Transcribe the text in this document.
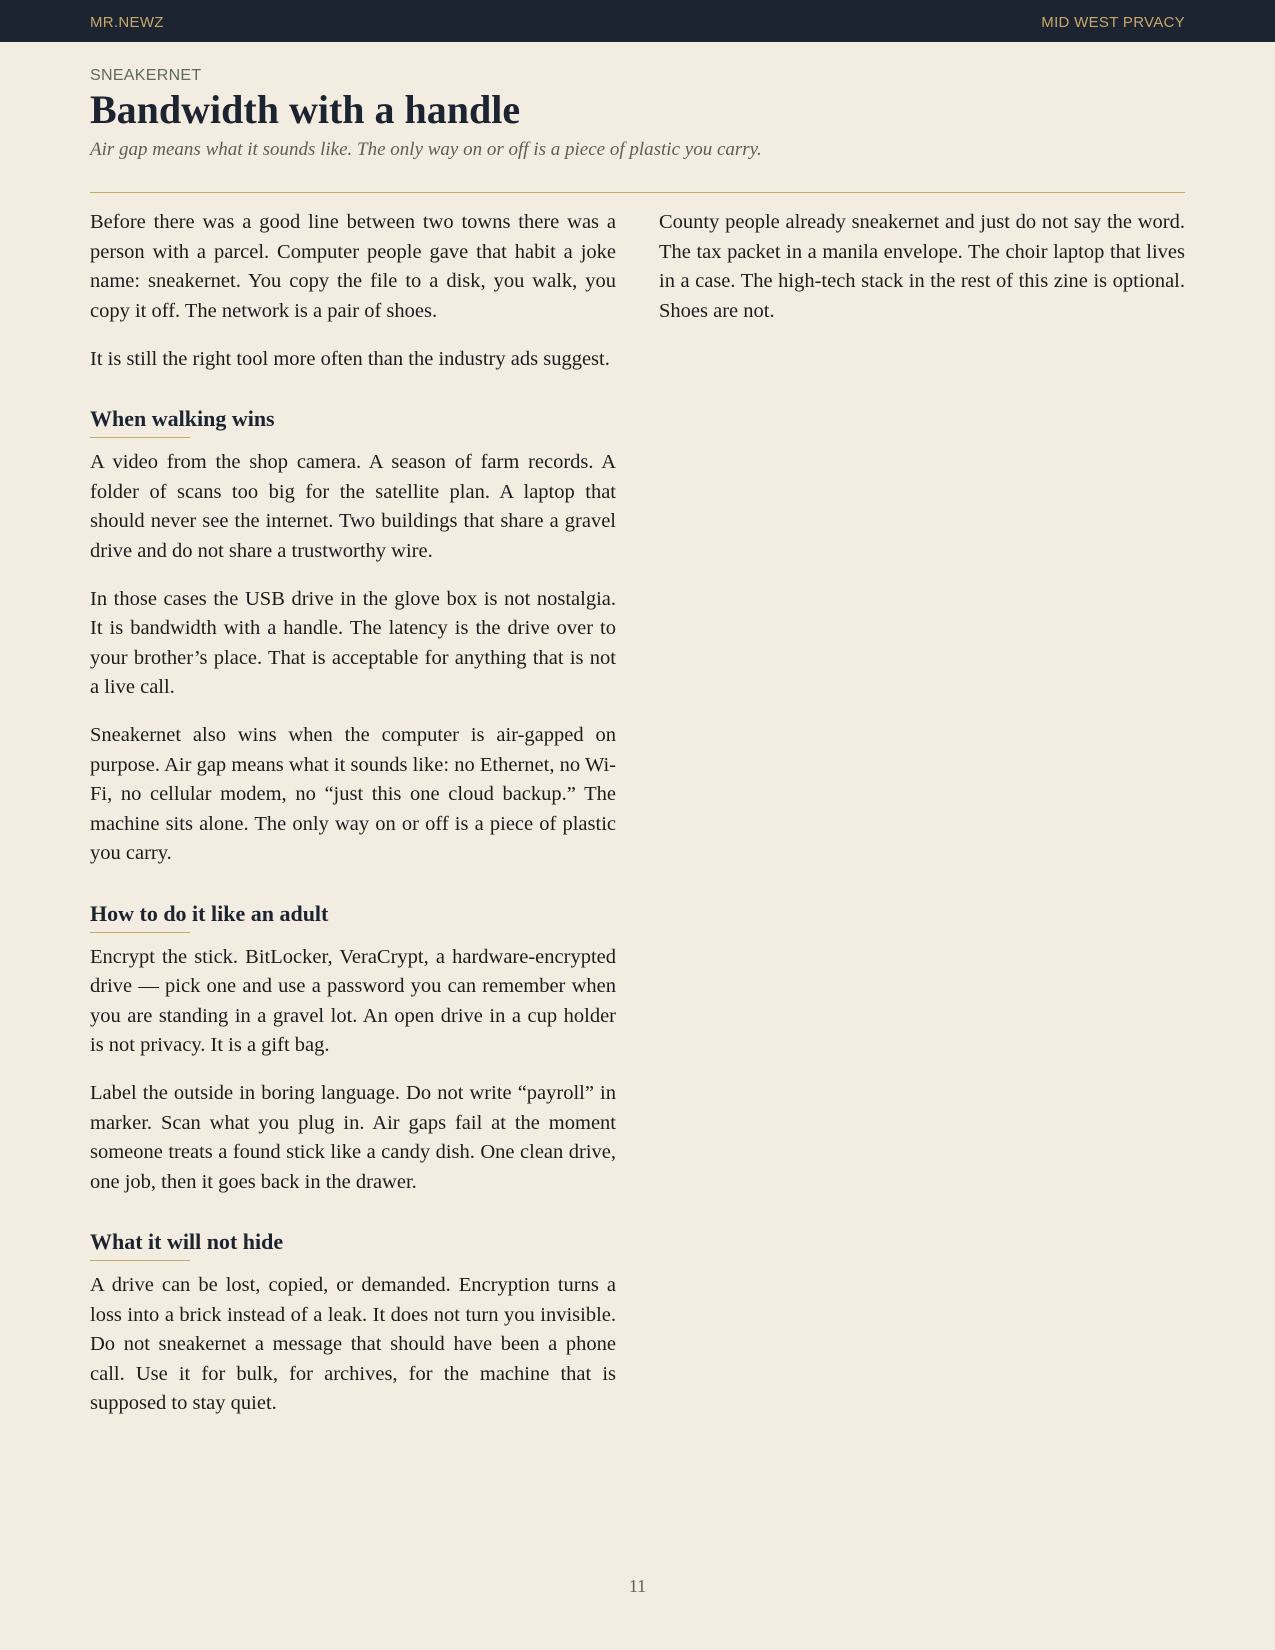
MR.NEWZ	MID WEST PRVACY
SNEAKERNET
Bandwidth with a handle
Air gap means what it sounds like. The only way on or off is a piece of plastic you carry.

Before there was a good line between two towns there was a person with a parcel. Computer people gave that habit a joke name: sneakernet. You copy the file to a disk, you walk, you copy it off. The network is a pair of shoes.

It is still the right tool more often than the industry ads suggest.

When walking wins

A video from the shop camera. A season of farm records. A folder of scans too big for the satellite plan. A laptop that should never see the internet. Two buildings that share a gravel drive and do not share a trustworthy wire.

In those cases the USB drive in the glove box is not nostalgia. It is bandwidth with a handle. The latency is the drive over to your brother’s place. That is acceptable for anything that is not a live call.

Sneakernet also wins when the computer is air-gapped on purpose. Air gap means what it sounds like: no Ethernet, no Wi-Fi, no cellular modem, no “just this one cloud backup.” The machine sits alone. The only way on or off is a piece of plastic you carry.

How to do it like an adult

Encrypt the stick. BitLocker, VeraCrypt, a hardware-encrypted drive — pick one and use a password you can remember when you are standing in a gravel lot. An open drive in a cup holder is not privacy. It is a gift bag.

Label the outside in boring language. Do not write “payroll” in marker. Scan what you plug in. Air gaps fail at the moment someone treats a found stick like a candy dish. One clean drive, one job, then it goes back in the drawer.

What it will not hide

A drive can be lost, copied, or demanded. Encryption turns a loss into a brick instead of a leak. It does not turn you invisible. Do not sneakernet a message that should have been a phone call. Use it for bulk, for archives, for the machine that is supposed to stay quiet.

County people already sneakernet and just do not say the word. The tax packet in a manila envelope. The choir laptop that lives in a case. The high-tech stack in the rest of this zine is optional. Shoes are not.

11
